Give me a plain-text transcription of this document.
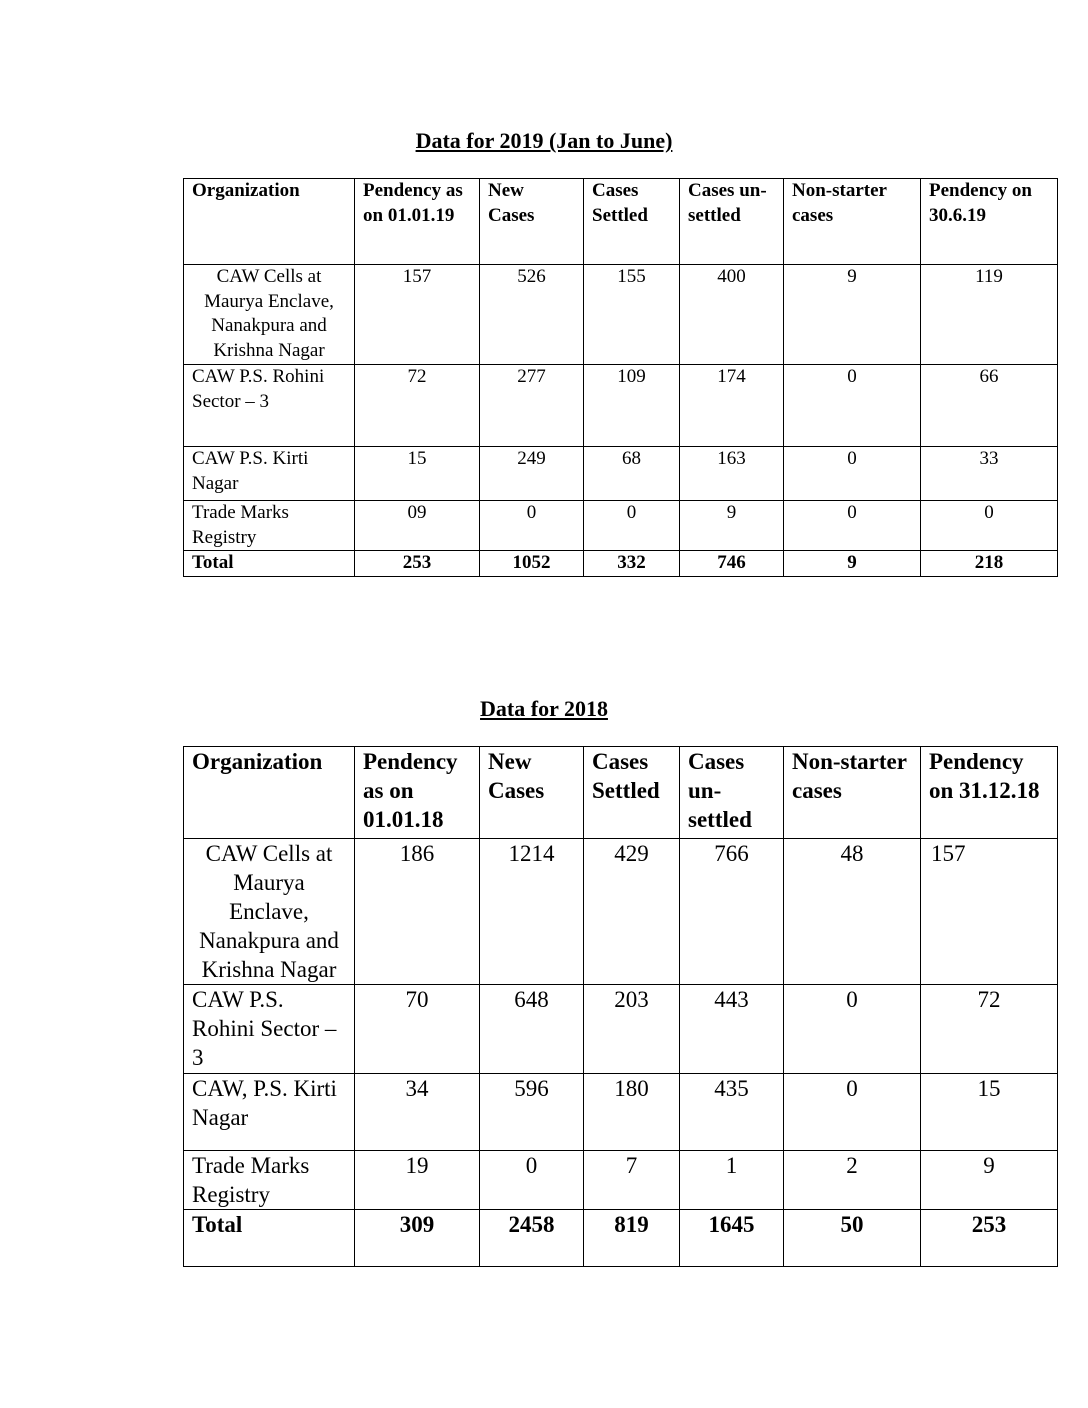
Data for 2019 (Jan to June)
Organization	Pendency as on 01.01.19	New Cases	Cases Settled	Cases un-settled	Non-starter cases	Pendency on 30.6.19
CAW Cells at Maurya Enclave, Nanakpura and Krishna Nagar	157	526	155	400	9	119
CAW P.S. Rohini Sector – 3	72	277	109	174	0	66
CAW P.S. Kirti Nagar	15	249	68	163	0	33
Trade Marks Registry	09	0	0	9	0	0
Total	253	1052	332	746	9	218
Data for 2018
Organization	Pendency as on 01.01.18	New Cases	Cases Settled	Cases un-settled	Non-starter cases	Pendency on 31.12.18
CAW Cells at Maurya Enclave, Nanakpura and Krishna Nagar	186	1214	429	766	48	157
CAW P.S. Rohini Sector – 3	70	648	203	443	0	72
CAW, P.S. Kirti Nagar	34	596	180	435	0	15
Trade Marks Registry	19	0	7	1	2	9
Total	309	2458	819	1645	50	253
